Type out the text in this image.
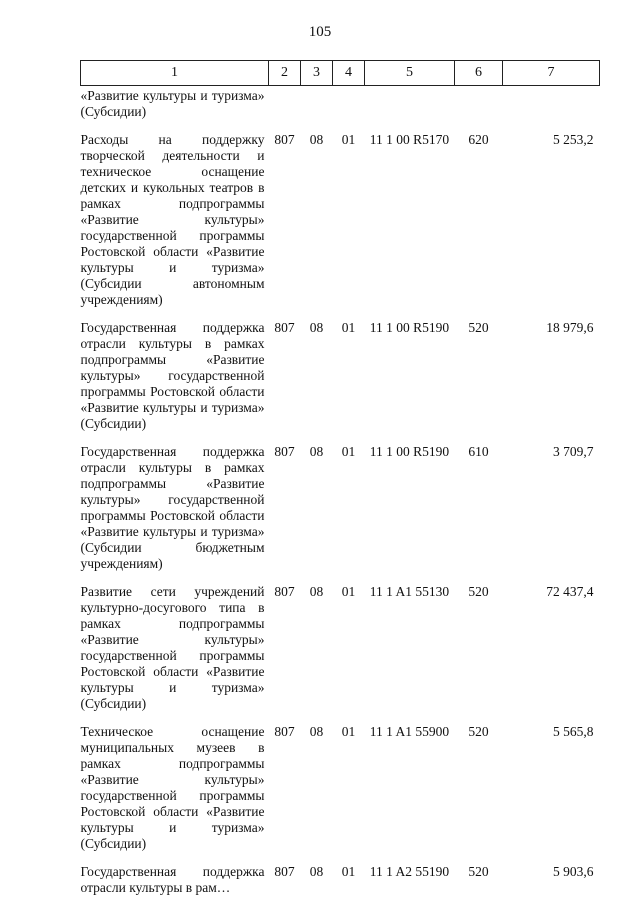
105
1	2	3	4	5	6	7
«Развитие культуры и туризма» (Субсидии)						
Расходы на поддержку творческой деятельности и техническое оснащение детских и кукольных театров в рамках подпрограммы «Развитие культуры» государственной программы Ростовской области «Развитие культуры и туризма» (Субсидии автономным учреждениям)	807	08	01	11 1 00 R5170	620	5 253,2
Государственная поддержка отрасли культуры в рамках подпрограммы «Развитие культуры» государственной программы Ростовской области «Развитие культуры и туризма» (Субсидии)	807	08	01	11 1 00 R5190	520	18 979,6
Государственная поддержка отрасли культуры в рамках подпрограммы «Развитие культуры» государственной программы Ростовской области «Развитие культуры и туризма» (Субсидии бюджетным учреждениям)	807	08	01	11 1 00 R5190	610	3 709,7
Развитие сети учреждений культурно-досугового типа в рамках подпрограммы «Развитие культуры» государственной программы Ростовской области «Развитие культуры и туризма» (Субсидии)	807	08	01	11 1 A1 55130	520	72 437,4
Техническое оснащение муниципальных музеев в рамках подпрограммы «Развитие культуры» государственной программы Ростовской области «Развитие культуры и туризма» (Субсидии)	807	08	01	11 1 A1 55900	520	5 565,8
Государственная поддержка отрасли культуры в рам…	807	08	01	11 1 A2 55190	520	5 903,6
